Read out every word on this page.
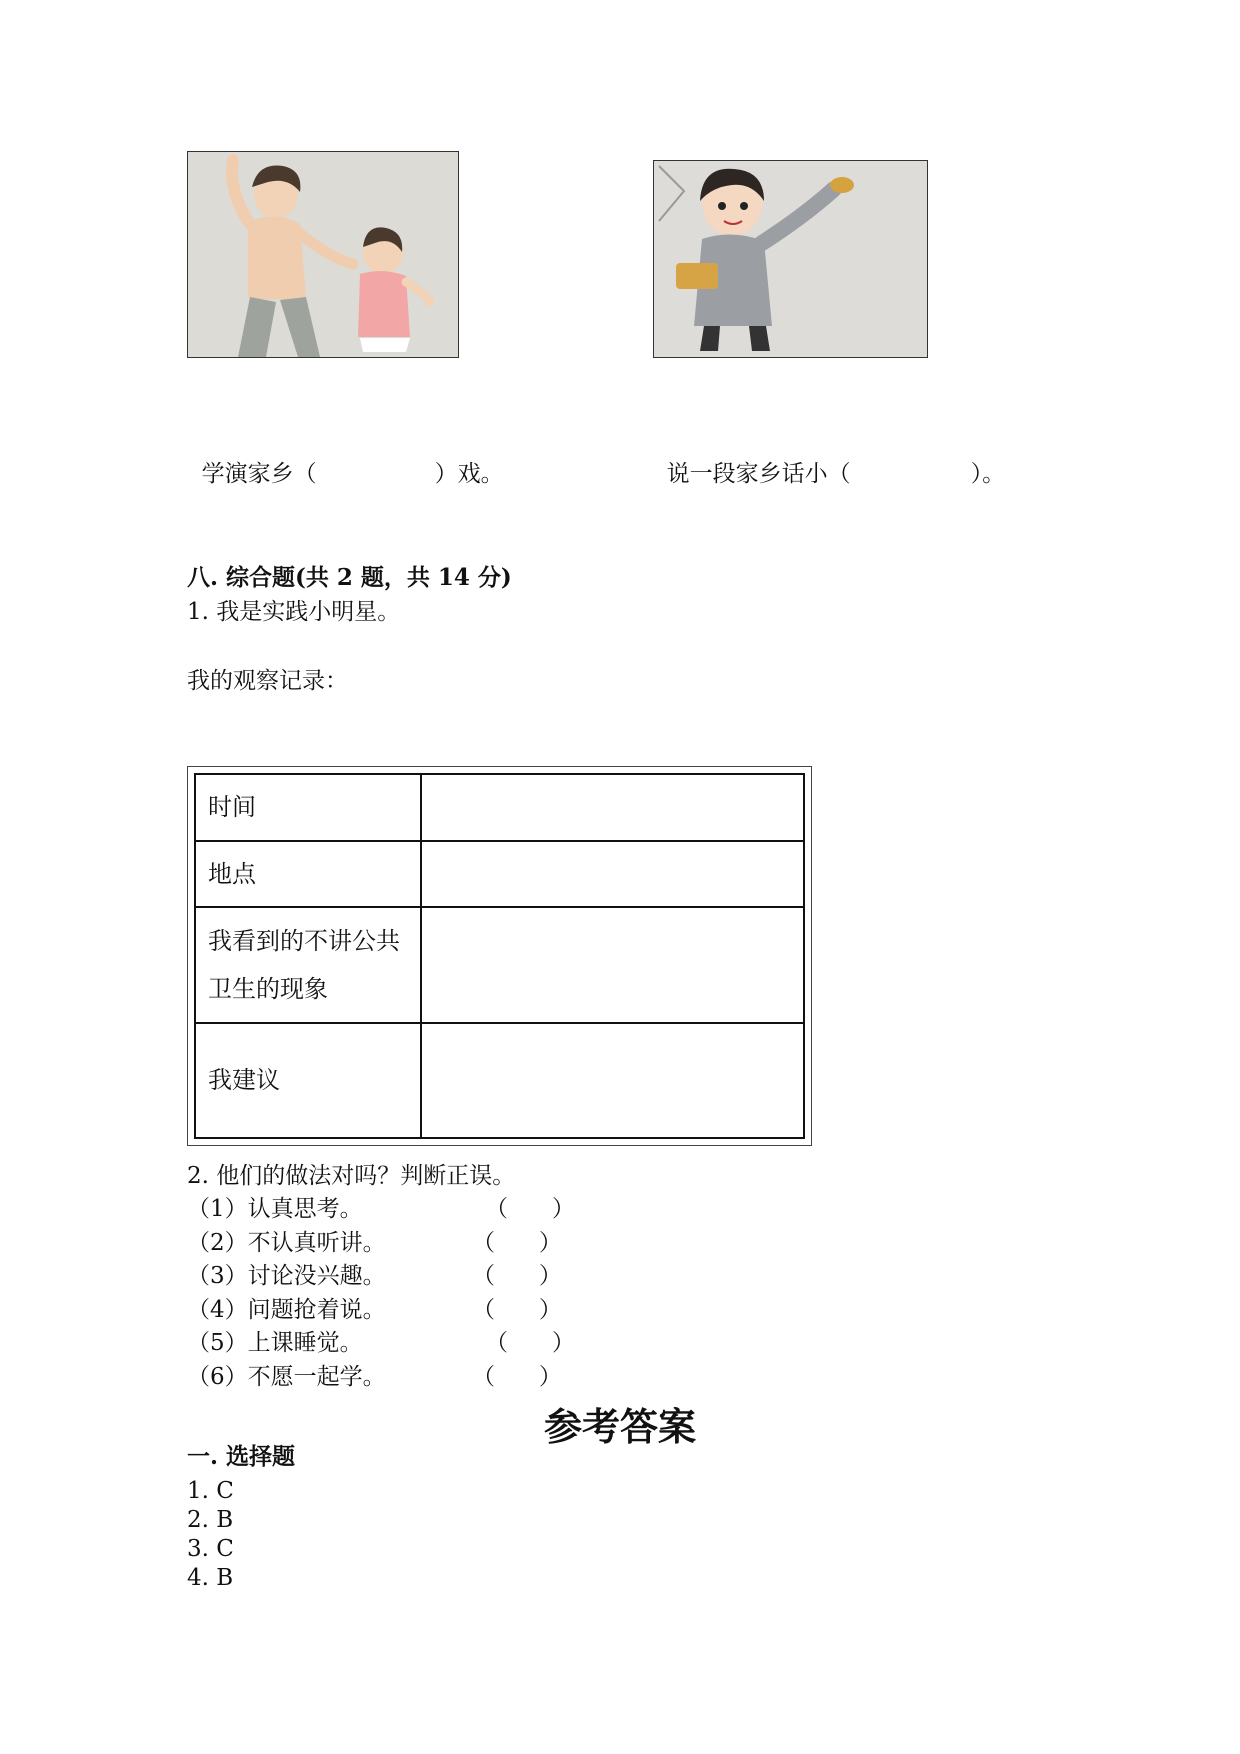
学演家乡（	）戏。	说一段家乡话小（	）。

八. 综合题(共 2 题，共 14 分)
1. 我是实践小明星。
我的观察记录：
时间	
地点	

我看到的不讲公共
卫生的现象	

我建议	
2. 他们的做法对吗？判断正误。
（1）认真思考。	（      ）
（2）不认真听讲。	（      ）
（3）讨论没兴趣。	（      ）
（4）问题抢着说。	（      ）
（5）上课睡觉。	（      ）
（6）不愿一起学。	（      ）
参考答案
一. 选择题
1. C
2. B
3. C
4. B
